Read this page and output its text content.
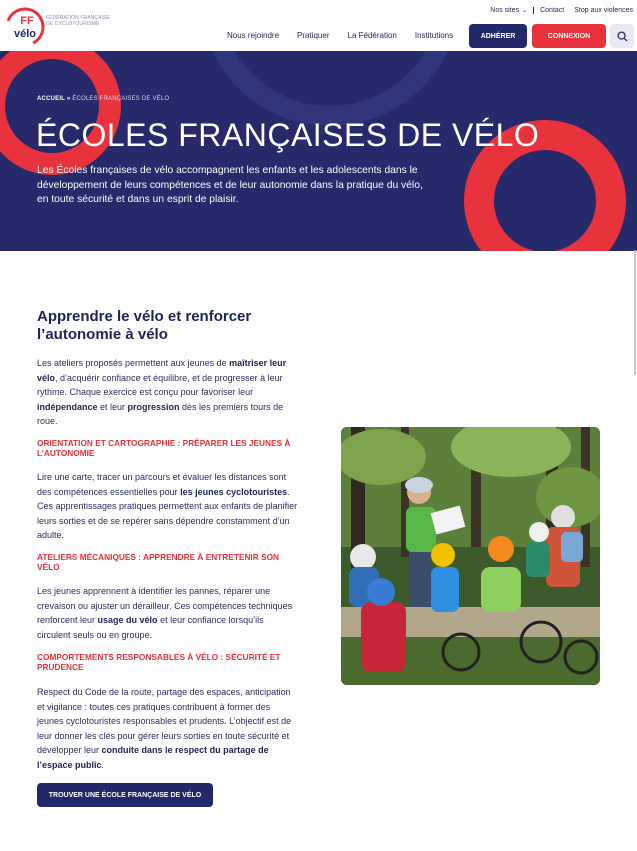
Nos sites ⌄ Contact Stop aux violences
FF
vélo
FÉDÉRATION FRANÇAISE DE CYCLOTOURISME
Nous rejoindre Pratiquer La Fédération Institutions	ADHÉRER	CONNEXION
ACCUEIL » ÉCOLES FRANÇAISES DE VÉLO
ÉCOLES FRANÇAISES DE VÉLO

Les Écoles françaises de vélo accompagnent les enfants et les adolescents dans le développement de leurs compétences et de leur autonomie dans la pratique du vélo, en toute sécurité et dans un esprit de plaisir.

Apprendre le vélo et renforcer l’autonomie à vélo

Les ateliers proposés permettent aux jeunes de maîtriser leur vélo, d’acquérir confiance et équilibre, et de progresser à leur rythme. Chaque exercice est conçu pour favoriser leur indépendance et leur progression dès les premiers tours de roue.

ORIENTATION ET CARTOGRAPHIE : PRÉPARER LES JEUNES À L’AUTONOMIE

Lire une carte, tracer un parcours et évaluer les distances sont des compétences essentielles pour les jeunes cyclotouristes. Ces apprentissages pratiques permettent aux enfants de planifier leurs sorties et de se repérer sans dépendre constamment d’un adulte.

ATELIERS MÉCANIQUES : APPRENDRE À ENTRETENIR SON VÉLO

Les jeunes apprennent à identifier les pannes, réparer une crevaison ou ajuster un dérailleur. Ces compétences techniques renforcent leur usage du vélo et leur confiance lorsqu’ils circulent seuls ou en groupe.

COMPORTEMENTS RESPONSABLES À VÉLO : SÉCURITÉ ET PRUDENCE

Respect du Code de la route, partage des espaces, anticipation et vigilance : toutes ces pratiques contribuent à former des jeunes cyclotouristes responsables et prudents. L’objectif est de leur donner les clés pour gérer leurs sorties en toute sécurité et développer leur conduite dans le respect du partage de l’espace public.

TROUVER UNE ÉCOLE FRANÇAISE DE VÉLO
